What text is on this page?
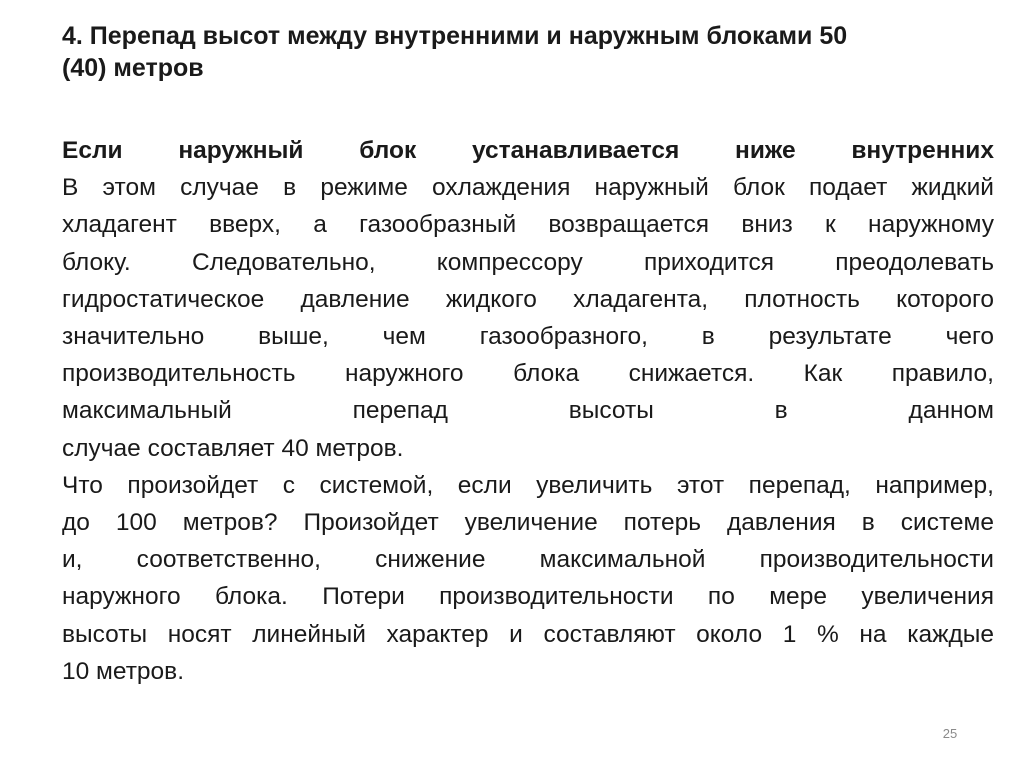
4. Перепад высот между внутренними и наружным блоками 50
(40) метров
Если наружный блок устанавливается ниже внутренних
В этом случае в режиме охлаждения наружный блок подает жидкий
хладагент вверх, а газообразный возвращается вниз к наружному
блоку. Следовательно, компрессору приходится преодолевать
гидростатическое давление жидкого хладагента, плотность которого
значительно выше, чем газообразного, в результате чего
производительность наружного блока снижается. Как правило,
максимальный перепад высоты в данном
случае составляет 40 метров.
Что произойдет с системой, если увеличить этот перепад, например,
до 100 метров? Произойдет увеличение потерь давления в системе
и, соответственно, снижение максимальной производительности
наружного блока. Потери производительности по мере увеличения
высоты носят линейный характер и составляют около 1 % на каждые
10 метров.
25
